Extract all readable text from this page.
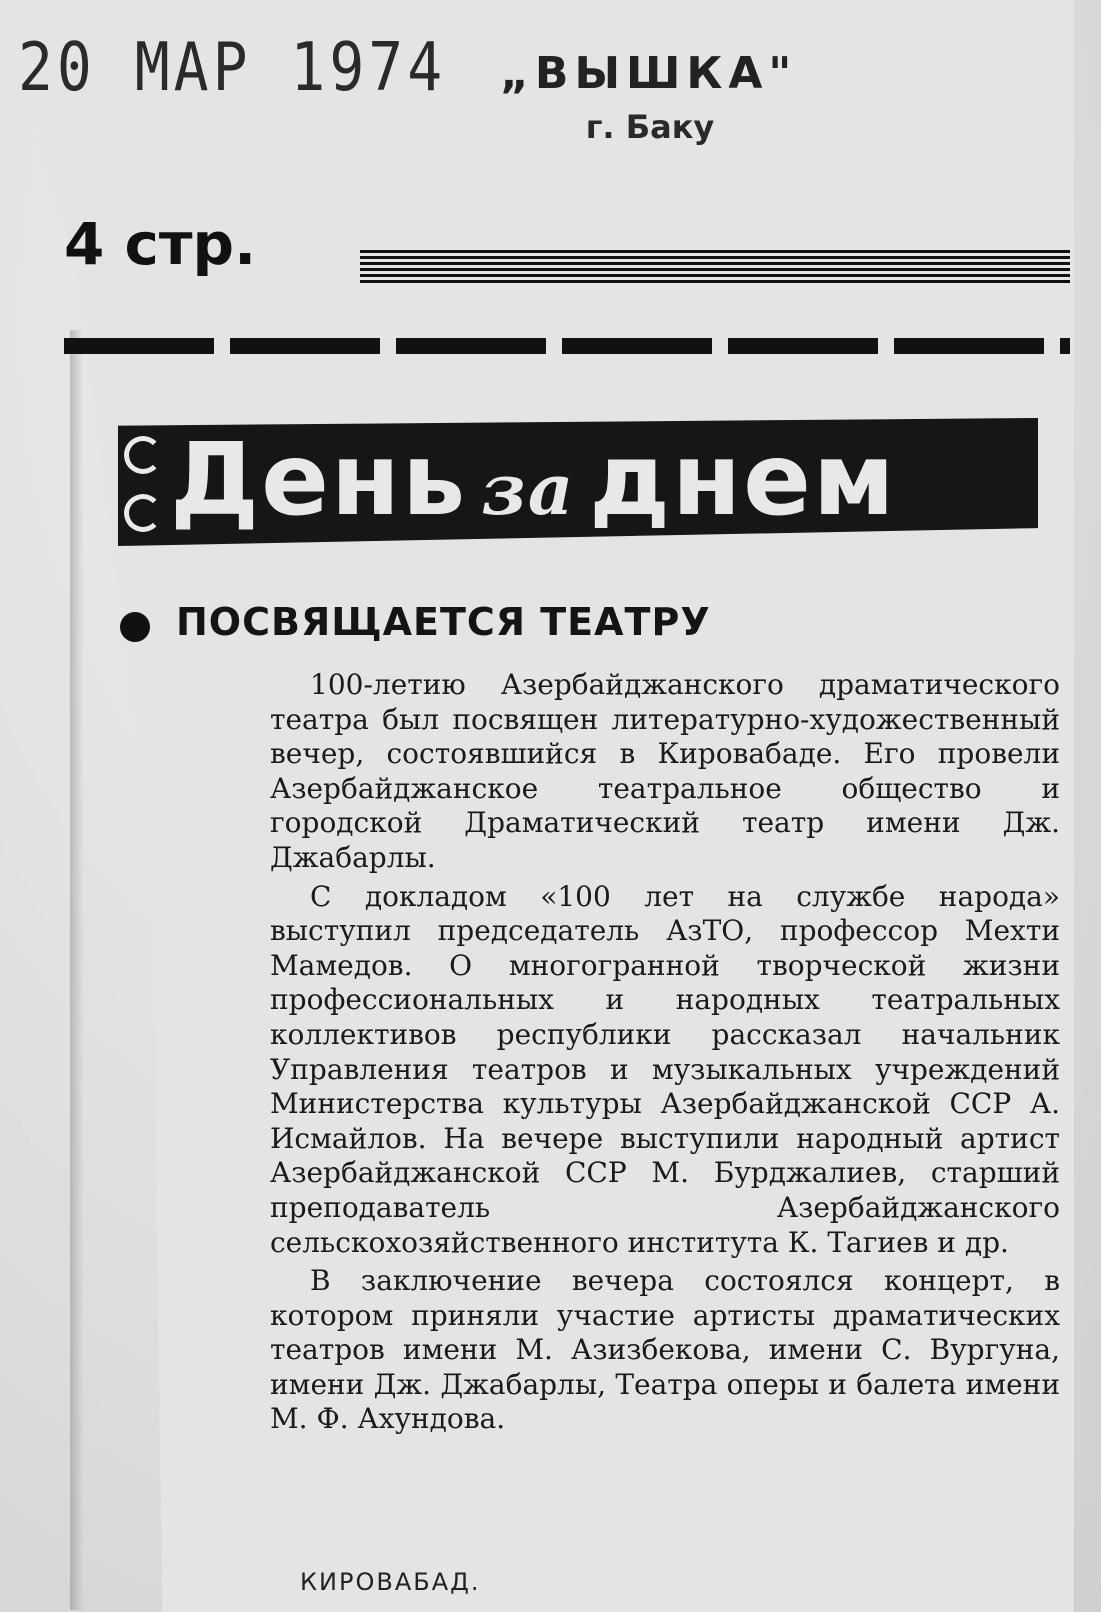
20 МАР 1974 „ВЫШКА"
г. Баку
4 стр.
День за днем
ПОСВЯЩАЕТСЯ ТЕАТРУ

100-летию Азербайджанского драматического театра был посвящен литературно-художественный вечер, состоявшийся в Кировабаде. Его провели Азербайджанское театральное общество и городской Драматический театр имени Дж. Джабарлы.

С докладом «100 лет на службе народа» выступил председатель АзТО, профессор Мехти Мамедов. О многогранной творческой жизни профессиональных и народных театральных коллективов республики рассказал начальник Управления театров и музыкальных учреждений Министерства культуры Азербайджанской ССР А. Исмайлов. На вечере выступили народный артист Азербайджанской ССР М. Бурджалиев, старший преподаватель Азербайджанского сельскохозяйственного института К. Тагиев и др.

В заключение вечера состоялся концерт, в котором приняли участие артисты драматических театров имени М. Азизбекова, имени С. Вургуна, имени Дж. Джабарлы, Театра оперы и балета имени М. Ф. Ахундова.

КИРОВАБАД.
